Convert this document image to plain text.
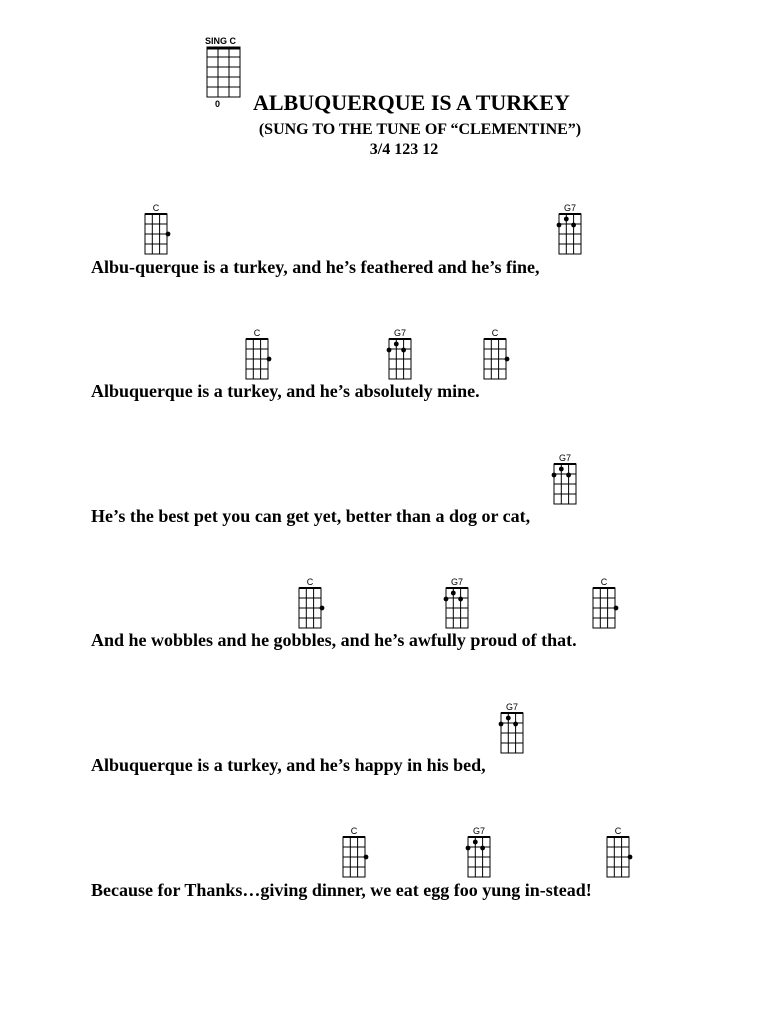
SING C
0 ALBUQUERQUE IS A TURKEY
(SUNG TO THE TUNE OF “CLEMENTINE”)
3/4 123 12
C	G7
Albu-querque is a turkey, and he’s feathered and he’s fine,
C	G7	C
Albuquerque is a turkey, and he’s absolutely mine.
G7
He’s the best pet you can get yet, better than a dog or cat,
C	G7	C
And he wobbles and he gobbles, and he’s awfully proud of that.
G7
Albuquerque is a turkey, and he’s happy in his bed,
C	G7	C
Because for Thanks…giving dinner, we eat egg foo yung in-stead!
